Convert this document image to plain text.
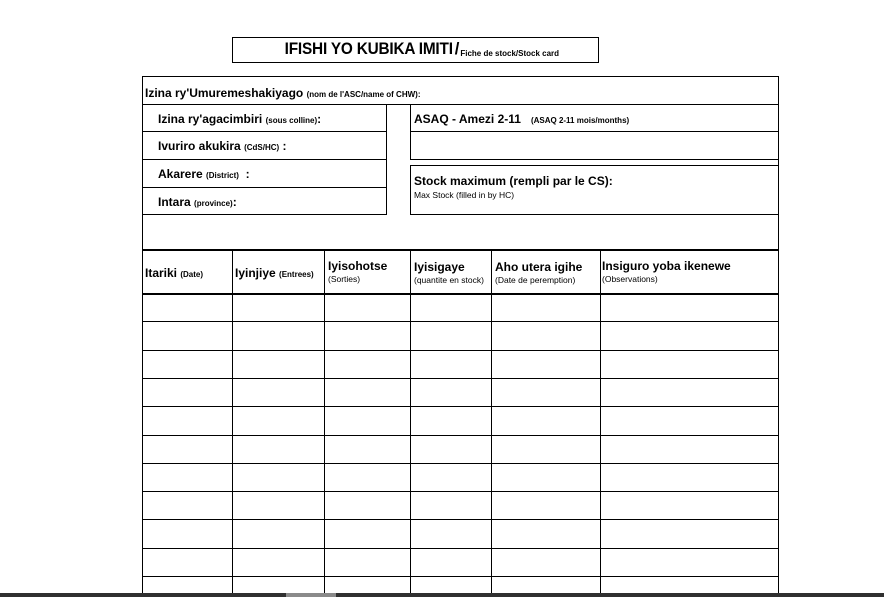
IFISHI YO KUBIKA IMITI / Fiche de stock/Stock card
Izina ry'Umuremeshakiyago (nom de l'ASC/name of CHW):
Izina ry'agacimbiri (sous colline):
Ivuriro akukira (CdS/HC) :
Akarere (District) :
Intara (province):
ASAQ - Amezi 2-11 (ASAQ 2-11 mois/months)
Stock maximum (rempli par le CS):
Max Stock (filled in by HC)
Itariki (Date)	Iyinjiye (Entrees)
Iyisohotse
(Sorties)
Iyisigaye
(quantite en stock)
Aho utera igihe
(Date de peremption)
Insiguro yoba ikenewe
(Observations)
